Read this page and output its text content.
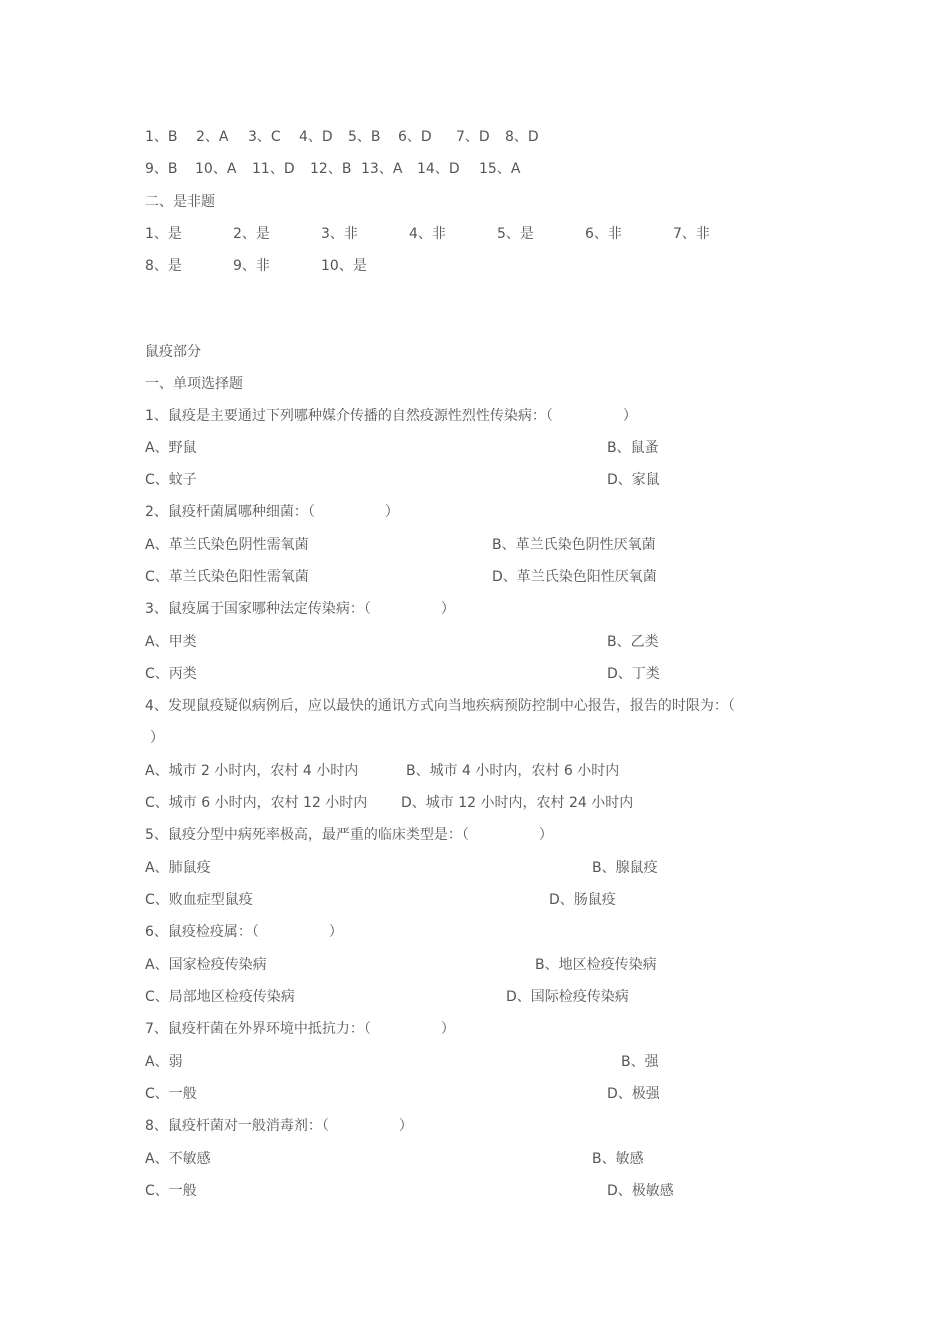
1、B 2、A 3、C 4、D 5、B 6、D 7、D 8、D
9、B 10、A 11、D 12、B 13、A 14、D 15、A
二、是非题
1、是	2、是	3、非	4、非	5、是	6、非	7、非
8、是	9、非	10、是
鼠疫部分
一、单项选择题
1、鼠疫是主要通过下列哪种媒介传播的自然疫源性烈性传染病：（　　　　　）
A、野鼠	B、鼠蚤
C、蚊子	D、家鼠
2、鼠疫杆菌属哪种细菌：（　　　　　）
A、革兰氏染色阴性需氧菌	B、革兰氏染色阴性厌氧菌
C、革兰氏染色阳性需氧菌	D、革兰氏染色阳性厌氧菌
3、鼠疫属于国家哪种法定传染病：（　　　　　）
A、甲类	B、乙类
C、丙类	D、丁类
4、发现鼠疫疑似病例后，应以最快的通讯方式向当地疾病预防控制中心报告，报告的时限为：（
）
A、城市 2 小时内，农村 4 小时内	B、城市 4 小时内，农村 6 小时内
C、城市 6 小时内，农村 12 小时内 D、城市 12 小时内，农村 24 小时内
5、鼠疫分型中病死率极高，最严重的临床类型是：（　　　　　）
A、肺鼠疫	B、腺鼠疫
C、败血症型鼠疫	D、肠鼠疫
6、鼠疫检疫属：（　　　　　）
A、国家检疫传染病	B、地区检疫传染病
C、局部地区检疫传染病	D、国际检疫传染病
7、鼠疫杆菌在外界环境中抵抗力：（　　　　　）
A、弱	B、强
C、一般	D、极强
8、鼠疫杆菌对一般消毒剂：（　　　　　）
A、不敏感	B、敏感
C、一般	D、极敏感
